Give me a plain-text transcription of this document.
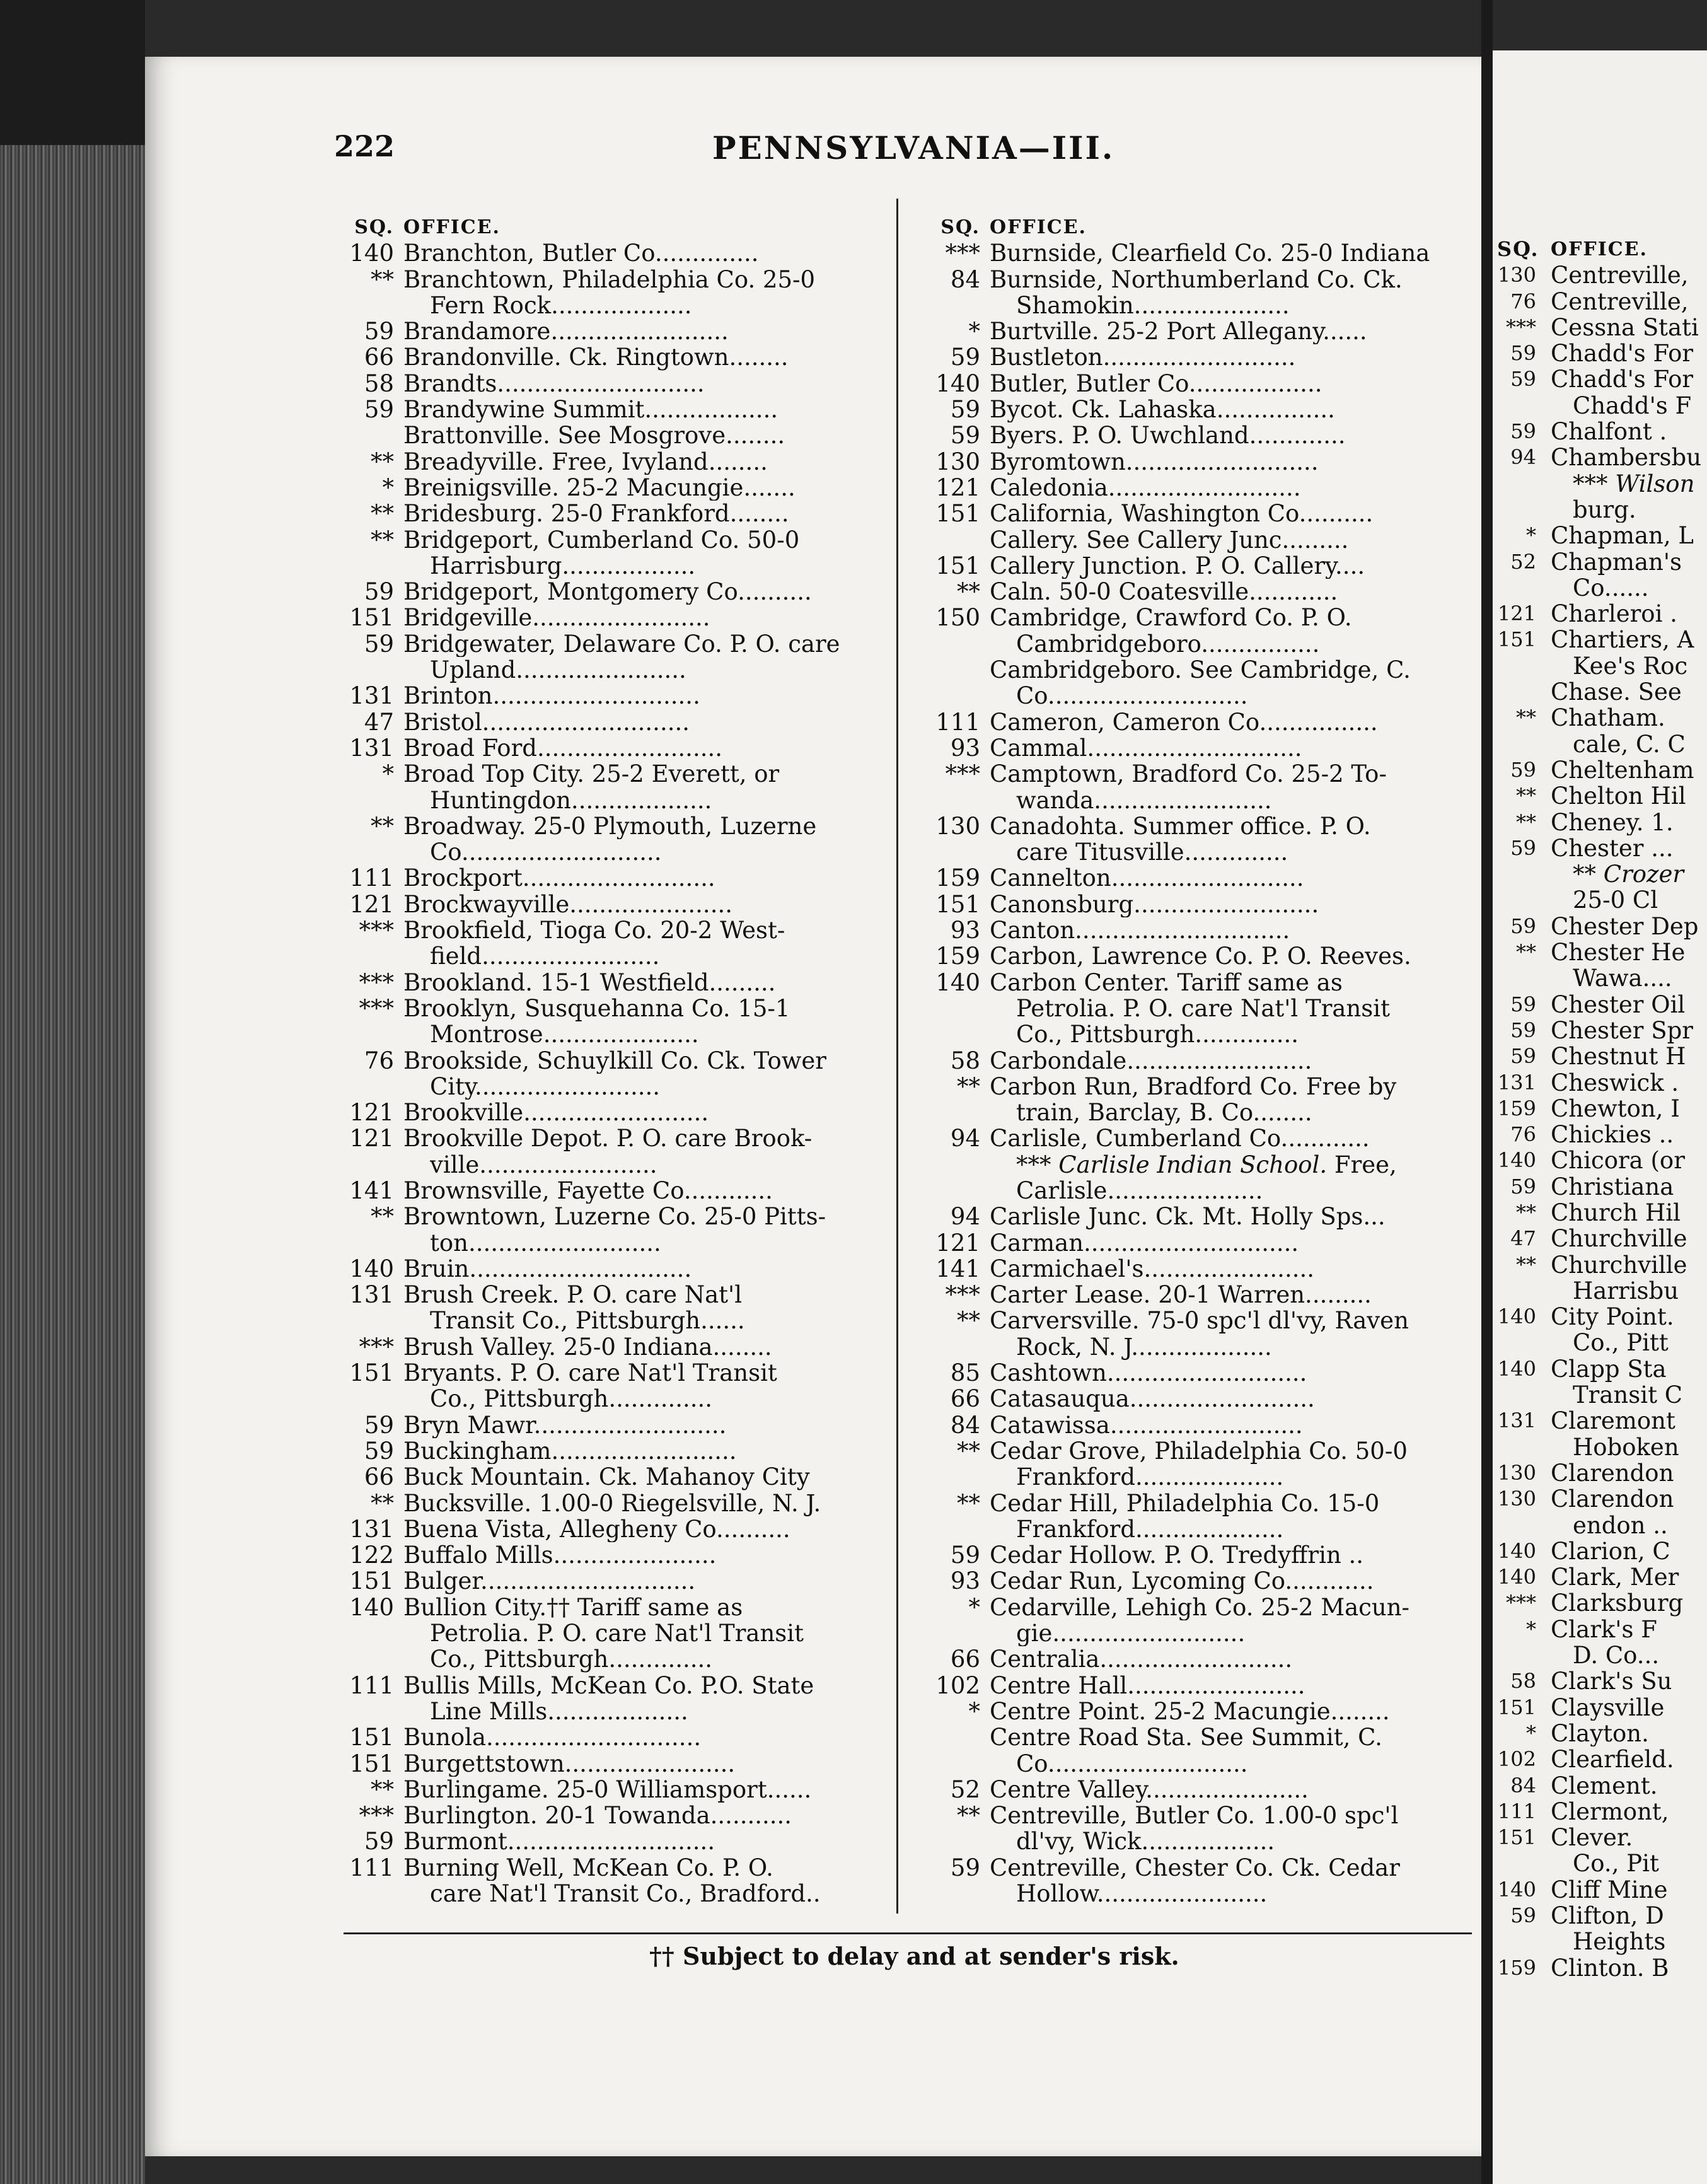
222	PENNSYLVANIA—III.
SQ. OFFICE.
140 Branchton, Butler Co..............
** Branchtown, Philadelphia Co. 25-0
Fern Rock...................
59 Brandamore........................
66 Brandonville. Ck. Ringtown........
58 Brandts............................
59 Brandywine Summit..................
Brattonville. See Mosgrove........
** Breadyville. Free, Ivyland........
* Breinigsville. 25-2 Macungie.......
** Bridesburg. 25-0 Frankford........
** Bridgeport, Cumberland Co. 50-0
Harrisburg..................
59 Bridgeport, Montgomery Co..........
151 Bridgeville........................
59 Bridgewater, Delaware Co. P. O. care
Upland.......................
131 Brinton............................
47 Bristol............................
131 Broad Ford.........................
* Broad Top City. 25-2 Everett, or
Huntingdon...................
** Broadway. 25-0 Plymouth, Luzerne
Co...........................
111 Brockport..........................
121 Brockwayville......................
*** Brookfield, Tioga Co. 20-2 West-
field........................
*** Brookland. 15-1 Westfield.........
*** Brooklyn, Susquehanna Co. 15-1
Montrose.....................
76 Brookside, Schuylkill Co. Ck. Tower
City.........................
121 Brookville.........................
121 Brookville Depot. P. O. care Brook-
ville........................
141 Brownsville, Fayette Co............
** Browntown, Luzerne Co. 25-0 Pitts-
ton..........................
140 Bruin..............................
131 Brush Creek. P. O. care Nat'l
Transit Co., Pittsburgh......
*** Brush Valley. 25-0 Indiana........
151 Bryants. P. O. care Nat'l Transit
Co., Pittsburgh..............
59 Bryn Mawr..........................
59 Buckingham.........................
66 Buck Mountain. Ck. Mahanoy City
** Bucksville. 1.00-0 Riegelsville, N. J.
131 Buena Vista, Allegheny Co..........
122 Buffalo Mills......................
151 Bulger.............................
140 Bullion City.†† Tariff same as
Petrolia. P. O. care Nat'l Transit
Co., Pittsburgh..............
111 Bullis Mills, McKean Co. P.O. State
Line Mills...................
151 Bunola.............................
151 Burgettstown.......................
** Burlingame. 25-0 Williamsport......
*** Burlington. 20-1 Towanda...........
59 Burmont............................
111 Burning Well, McKean Co. P. O.
care Nat'l Transit Co., Bradford..
SQ. OFFICE.
*** Burnside, Clearfield Co. 25-0 Indiana
84 Burnside, Northumberland Co. Ck.
Shamokin.....................
* Burtville. 25-2 Port Allegany......
59 Bustleton..........................
140 Butler, Butler Co..................
59 Bycot. Ck. Lahaska................
59 Byers. P. O. Uwchland.............
130 Byromtown..........................
121 Caledonia..........................
151 California, Washington Co..........
Callery. See Callery Junc.........
151 Callery Junction. P. O. Callery....
** Caln. 50-0 Coatesville............
150 Cambridge, Crawford Co. P. O.
Cambridgeboro................
Cambridgeboro. See Cambridge, C.
Co...........................
111 Cameron, Cameron Co................
93 Cammal.............................
*** Camptown, Bradford Co. 25-2 To-
wanda........................
130 Canadohta. Summer office. P. O.
care Titusville..............
159 Cannelton..........................
151 Canonsburg.........................
93 Canton.............................
159 Carbon, Lawrence Co. P. O. Reeves.
140 Carbon Center. Tariff same as
Petrolia. P. O. care Nat'l Transit
Co., Pittsburgh..............
58 Carbondale.........................
** Carbon Run, Bradford Co. Free by
train, Barclay, B. Co........
94 Carlisle, Cumberland Co............
*** Carlisle Indian School. Free,
Carlisle.....................
94 Carlisle Junc. Ck. Mt. Holly Sps...
121 Carman.............................
141 Carmichael's.......................
*** Carter Lease. 20-1 Warren.........
** Carversville. 75-0 spc'l dl'vy, Raven
Rock, N. J...................
85 Cashtown...........................
66 Catasauqua.........................
84 Catawissa..........................
** Cedar Grove, Philadelphia Co. 50-0
Frankford....................
** Cedar Hill, Philadelphia Co. 15-0
Frankford....................
59 Cedar Hollow. P. O. Tredyffrin ..
93 Cedar Run, Lycoming Co............
* Cedarville, Lehigh Co. 25-2 Macun-
gie..........................
66 Centralia..........................
102 Centre Hall........................
* Centre Point. 25-2 Macungie........
Centre Road Sta. See Summit, C.
Co...........................
52 Centre Valley......................
** Centreville, Butler Co. 1.00-0 spc'l
dl'vy, Wick..................
59 Centreville, Chester Co. Ck. Cedar
Hollow.......................
SQ. OFFICE.
130 Centreville,
76 Centreville,
*** Cessna Stati
59 Chadd's For
59 Chadd's For
Chadd's F
59 Chalfont .
94 Chambersbu
*** Wilson
burg.
* Chapman, L
52 Chapman's
Co......
121 Charleroi .
151 Chartiers, A
Kee's Roc
Chase. See
** Chatham.
cale, C. C
59 Cheltenham
** Chelton Hil
** Cheney. 1.
59 Chester ...
** Crozer
25-0 Cl
59 Chester Dep
** Chester He
Wawa....
59 Chester Oil
59 Chester Spr
59 Chestnut H
131 Cheswick .
159 Chewton, I
76 Chickies ..
140 Chicora (or
59 Christiana
** Church Hil
47 Churchville
** Churchville
Harrisbu
140 City Point.
Co., Pitt
140 Clapp Sta
Transit C
131 Claremont
Hoboken
130 Clarendon
130 Clarendon
endon ..
140 Clarion, C
140 Clark, Mer
*** Clarksburg
* Clark's F
D. Co...
58 Clark's Su
151 Claysville
* Clayton.
102 Clearfield.
84 Clement.
111 Clermont,
151 Clever.
Co., Pit
140 Cliff Mine
59 Clifton, D
Heights
159 Clinton. B
†† Subject to delay and at sender's risk.
